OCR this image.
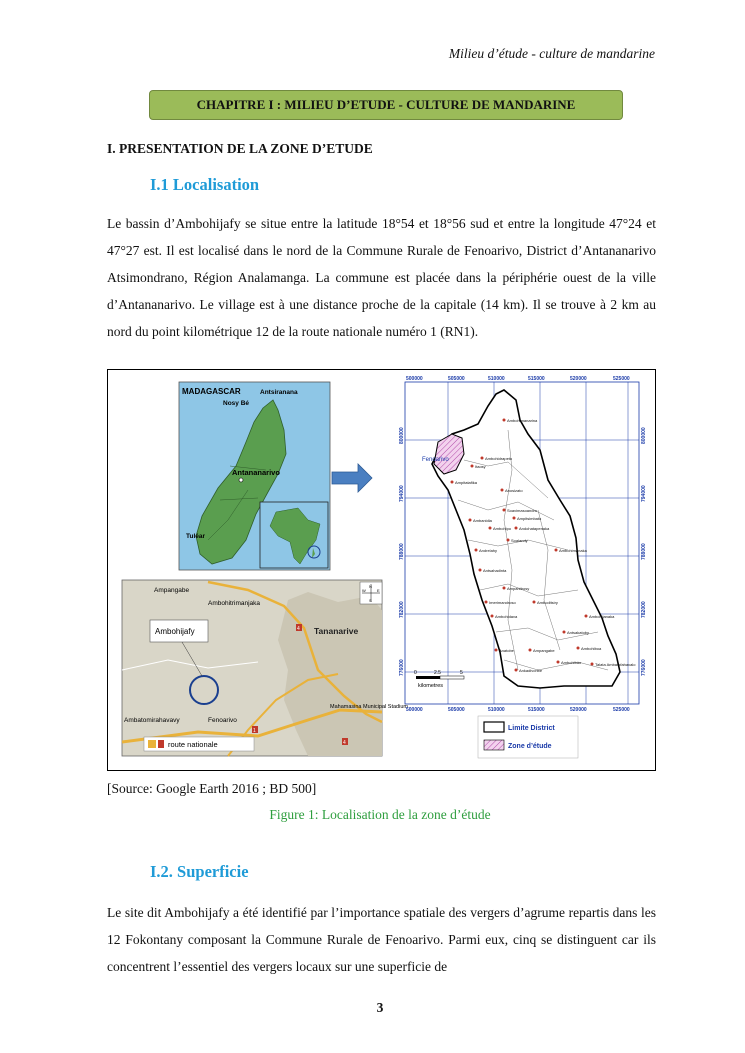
Milieu d’étude - culture de mandarine
CHAPITRE I : MILIEU D’ETUDE - CULTURE DE MANDARINE
I. PRESENTATION DE LA ZONE D’ETUDE
I.1 Localisation
Le bassin d’Ambohijafy se situe entre la latitude 18°54 et 18°56 sud et entre la longitude 47°24 et 47°27 est. Il est localisé dans le nord de la Commune Rurale de Fenoarivo, District d’Antananarivo Atsimondrano, Région Analamanga. La commune est placée dans la périphérie ouest de la ville d’Antananarivo. Le village est à une distance proche de la capitale (14 km). Il se trouve à 2 km au nord du point kilométrique 12 de la route nationale numéro 1 (RN1).
MADAGASCAR
Nosy Bé
Antsiranana
Antananarivo
Tuléar
Ambohijafy
Ampangabe
Ambohitrimanjaka
Tananarive
Mahamasina Municipal Stadium
Ambatomirahavavy	Fenoarivo
4
4
1
N
W	E
S
route nationale
500000	505000	510000	515000	520000	525000
500000	505000	510000	515000	520000	525000
776000
782000
788000
794000
800000
776000
782000
788000
794000
800000
Fenoarivo
Ambohimanarina
Ambohidrapeto
Itaosy
Ampitatafika
Anosizato
Soavimasoandro
Ampitsimbato
Ambanidia
Ambohipo Andohatapenaka
Soalandy
Andrelahy	Ambohimanaka
Antsahadinta
Ampahitrosy
Imerimandroso	Amboditsiry
Ambohidava	Ambohijanaka
Antsakatoby
Anatobe	Ampangabe	Ambohiboa
Ambohibao
Ankadivoribe
Talata Ambatofahavalo
0	2.5	5
kilometres
Limite District
Zone d’étude
[Source: Google Earth 2016 ; BD 500]
Figure 1: Localisation de la zone d’étude
I.2. Superficie
Le site dit Ambohijafy a été identifié par l’importance spatiale des vergers d’agrume repartis dans les 12 Fokontany composant la Commune Rurale de Fenoarivo. Parmi eux, cinq se distinguent car ils concentrent l’essentiel des vergers locaux sur une superficie de
3
